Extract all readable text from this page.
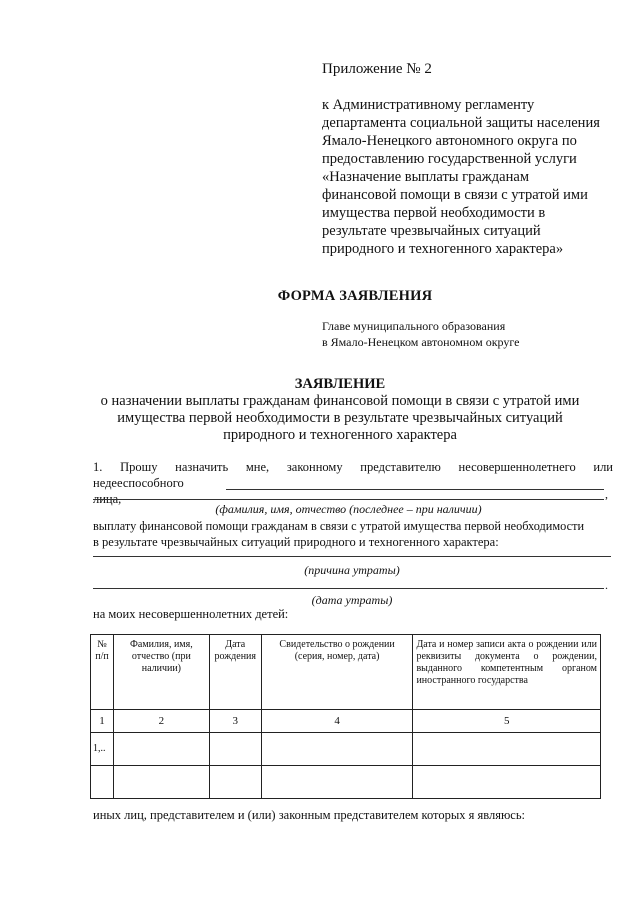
Приложение № 2
к Административному регламенту
департамента социальной защиты населения
Ямало-Ненецкого автономного округа по
предоставлению государственной услуги
«Назначение выплаты гражданам
финансовой помощи в связи с утратой ими
имущества первой необходимости в
результате чрезвычайных ситуаций
природного и техногенного характера»
ФОРМА ЗАЯВЛЕНИЯ
Главе муниципального образования
в Ямало-Ненецком автономном округе
ЗАЯВЛЕНИЕ
о назначении выплаты гражданам финансовой помощи в связи с утратой ими
имущества первой необходимости в результате чрезвычайных ситуаций
природного и техногенного характера
1. Прошу назначить мне, законному представителю несовершеннолетнего или
недееспособного лица,	,
(фамилия, имя, отчество (последнее – при наличии)
выплату финансовой помощи гражданам в связи с утратой имущества первой необходимости
в результате чрезвычайных ситуаций природного и техногенного характера:
(причина утраты)
.
(дата утраты)
на моих несовершеннолетних детей:
№ п/п	Фамилия, имя, отчество (при наличии)	Дата рождения	Свидетельство о рождении (серия, номер, дата)	Дата и номер записи акта о рождении или реквизиты документа о рождении, выданного компетентным органом иностранного государства
1	2	3	4	5
1,..				

иных лиц, представителем и (или) законным представителем которых я являюсь:
